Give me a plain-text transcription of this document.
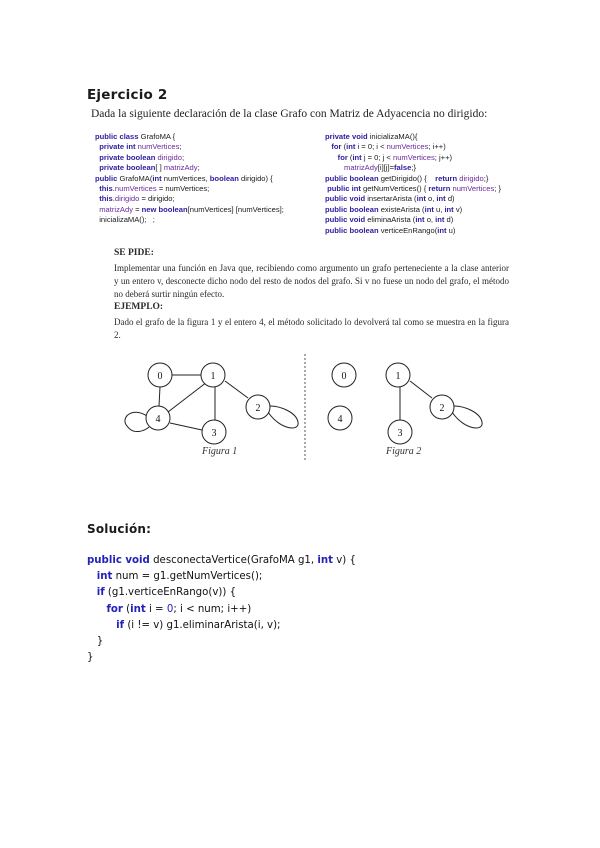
Ejercicio 2
Dada la siguiente declaración de la clase Grafo con Matriz de Adyacencia no dirigido:
public class GrafoMA {
private int numVertices;
private boolean dirigido;
private boolean[ ] matrizAdy;
public GrafoMA(int numVertices, boolean dirigido) {
this.numVertices = numVertices;
this.dirigido = dirigido;
matrizAdy = new boolean[numVertices] [numVertices];
inicializaMA();   ;
private void inicializaMA(){
for (int i = 0; i < numVertices; i++)
for (int j = 0; j < numVertices; j++)
matrizAdy[i][j]=false;}
public boolean getDirigido() {    return dirigido;}
public int getNumVertices() { return numVertices; }
public void insertarArista (int o, int d)
public boolean existeArista (int u, int v)
public void eliminaArista (int o, int d)
public boolean verticeEnRango(int u)
SE PIDE:
Implementar una función en Java que, recibiendo como argumento un grafo perteneciente a la clase anterior y un entero v, desconecte dicho nodo del resto de nodos del grafo. Si v no fuese un nodo del grafo, el método no deberá surtir ningún efecto.
EJEMPLO:
Dado el grafo de la figura 1 y el entero 4, el método solicitado lo devolverá tal como se muestra en la figura 2.
0	1
2
3
4
0	1
2
3
4
Figura 1	Figura 2
Solución:
public void desconectaVertice(GrafoMA g1, int v) {
int num = g1.getNumVertices();
if (g1.verticeEnRango(v)) {
for (int i = 0; i < num; i++)
if (i != v) g1.eliminarArista(i, v);
}
}
